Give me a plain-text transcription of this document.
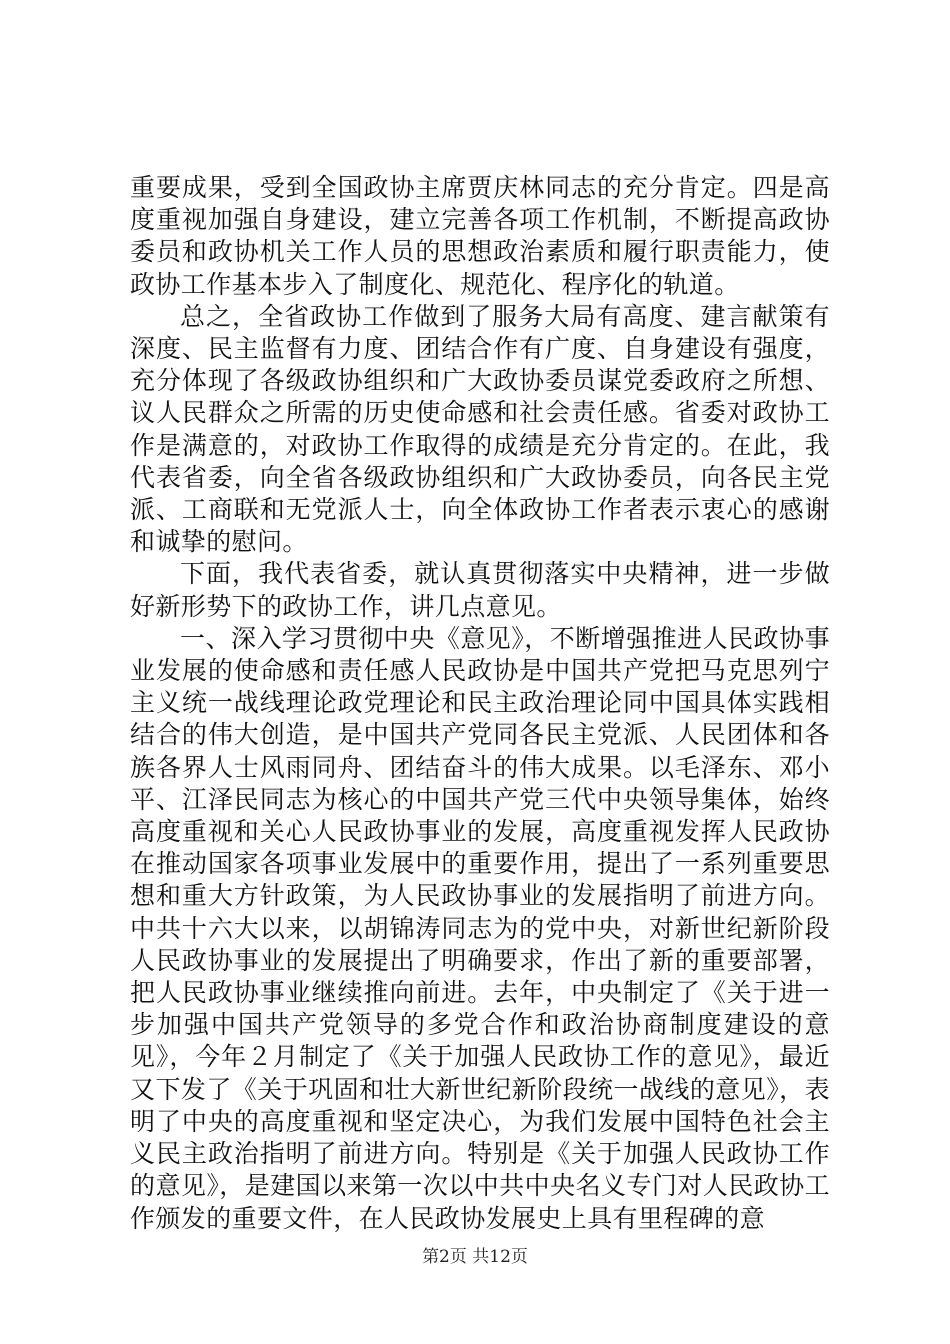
重要成果，受到全国政协主席贾庆林同志的充分肯定。四是高度重视加强自身建设，建立完善各项工作机制，不断提高政协委员和政协机关工作人员的思想政治素质和履行职责能力，使政协工作基本步入了制度化、规范化、程序化的轨道。

总之，全省政协工作做到了服务大局有高度、建言献策有深度、民主监督有力度、团结合作有广度、自身建设有强度，充分体现了各级政协组织和广大政协委员谋党委政府之所想、议人民群众之所需的历史使命感和社会责任感。省委对政协工作是满意的，对政协工作取得的成绩是充分肯定的。在此，我代表省委，向全省各级政协组织和广大政协委员，向各民主党派、工商联和无党派人士，向全体政协工作者表示衷心的感谢和诚挚的慰问。

下面，我代表省委，就认真贯彻落实中央精神，进一步做好新形势下的政协工作，讲几点意见。

一、深入学习贯彻中央《意见》，不断增强推进人民政协事业发展的使命感和责任感人民政协是中国共产党把马克思列宁主义统一战线理论政党理论和民主政治理论同中国具体实践相结合的伟大创造，是中国共产党同各民主党派、人民团体和各族各界人士风雨同舟、团结奋斗的伟大成果。以毛泽东、邓小平、江泽民同志为核心的中国共产党三代中央领导集体，始终高度重视和关心人民政协事业的发展，高度重视发挥人民政协在推动国家各项事业发展中的重要作用，提出了一系列重要思想和重大方针政策，为人民政协事业的发展指明了前进方向。中共十六大以来，以胡锦涛同志为的党中央，对新世纪新阶段人民政协事业的发展提出了明确要求，作出了新的重要部署，把人民政协事业继续推向前进。去年，中央制定了《关于进一步加强中国共产党领导的多党合作和政治协商制度建设的意见》，今年２月制定了《关于加强人民政协工作的意见》，最近又下发了《关于巩固和壮大新世纪新阶段统一战线的意见》，表明了中央的高度重视和坚定决心，为我们发展中国特色社会主义民主政治指明了前进方向。特别是《关于加强人民政协工作的意见》，是建国以来第一次以中共中央名义专门对人民政协工作颁发的重要文件，在人民政协发展史上具有里程碑的意

第2页 共12页
